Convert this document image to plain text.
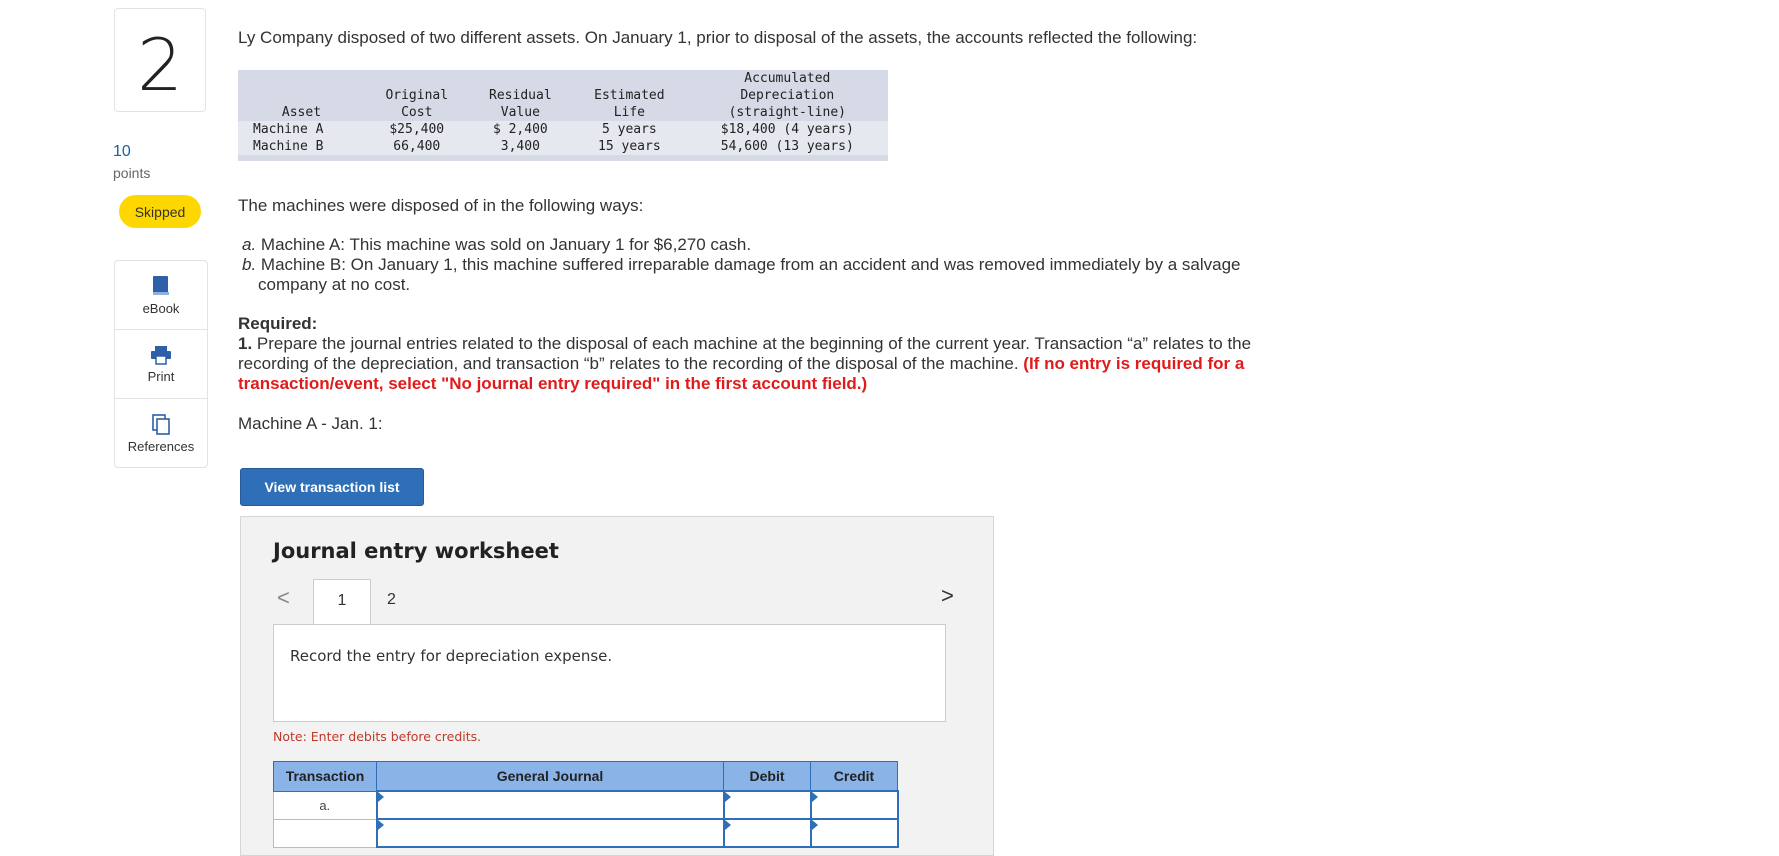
2
10
points
Skipped
eBook
Print
References
Ly Company disposed of two different assets. On January 1, prior to disposal of the assets, the accounts reflected the following:
				Accumulated
	Original	Residual	Estimated	Depreciation
Asset	Cost	Value	Life	(straight-line)
Machine A	$25,400	$ 2,400	5 years	$18,400 (4 years)
Machine B	66,400	3,400	15 years	54,600 (13 years)

The machines were disposed of in the following ways:
a. Machine A: This machine was sold on January 1 for $6,270 cash.
b. Machine B: On January 1, this machine suffered irreparable damage from an accident and was removed immediately by a salvage
company at no cost.
Required:
1. Prepare the journal entries related to the disposal of each machine at the beginning of the current year. Transaction “a” relates to the
recording of the depreciation, and transaction “b” relates to the recording of the disposal of the machine. (If no entry is required for a
transaction/event, select "No journal entry required" in the first account field.)
Machine A - Jan. 1:
View transaction list
Journal entry worksheet
<	1	2	>
Record the entry for depreciation expense.
Note: Enter debits before credits.
Transaction	General Journal	Debit	Credit
a.			
